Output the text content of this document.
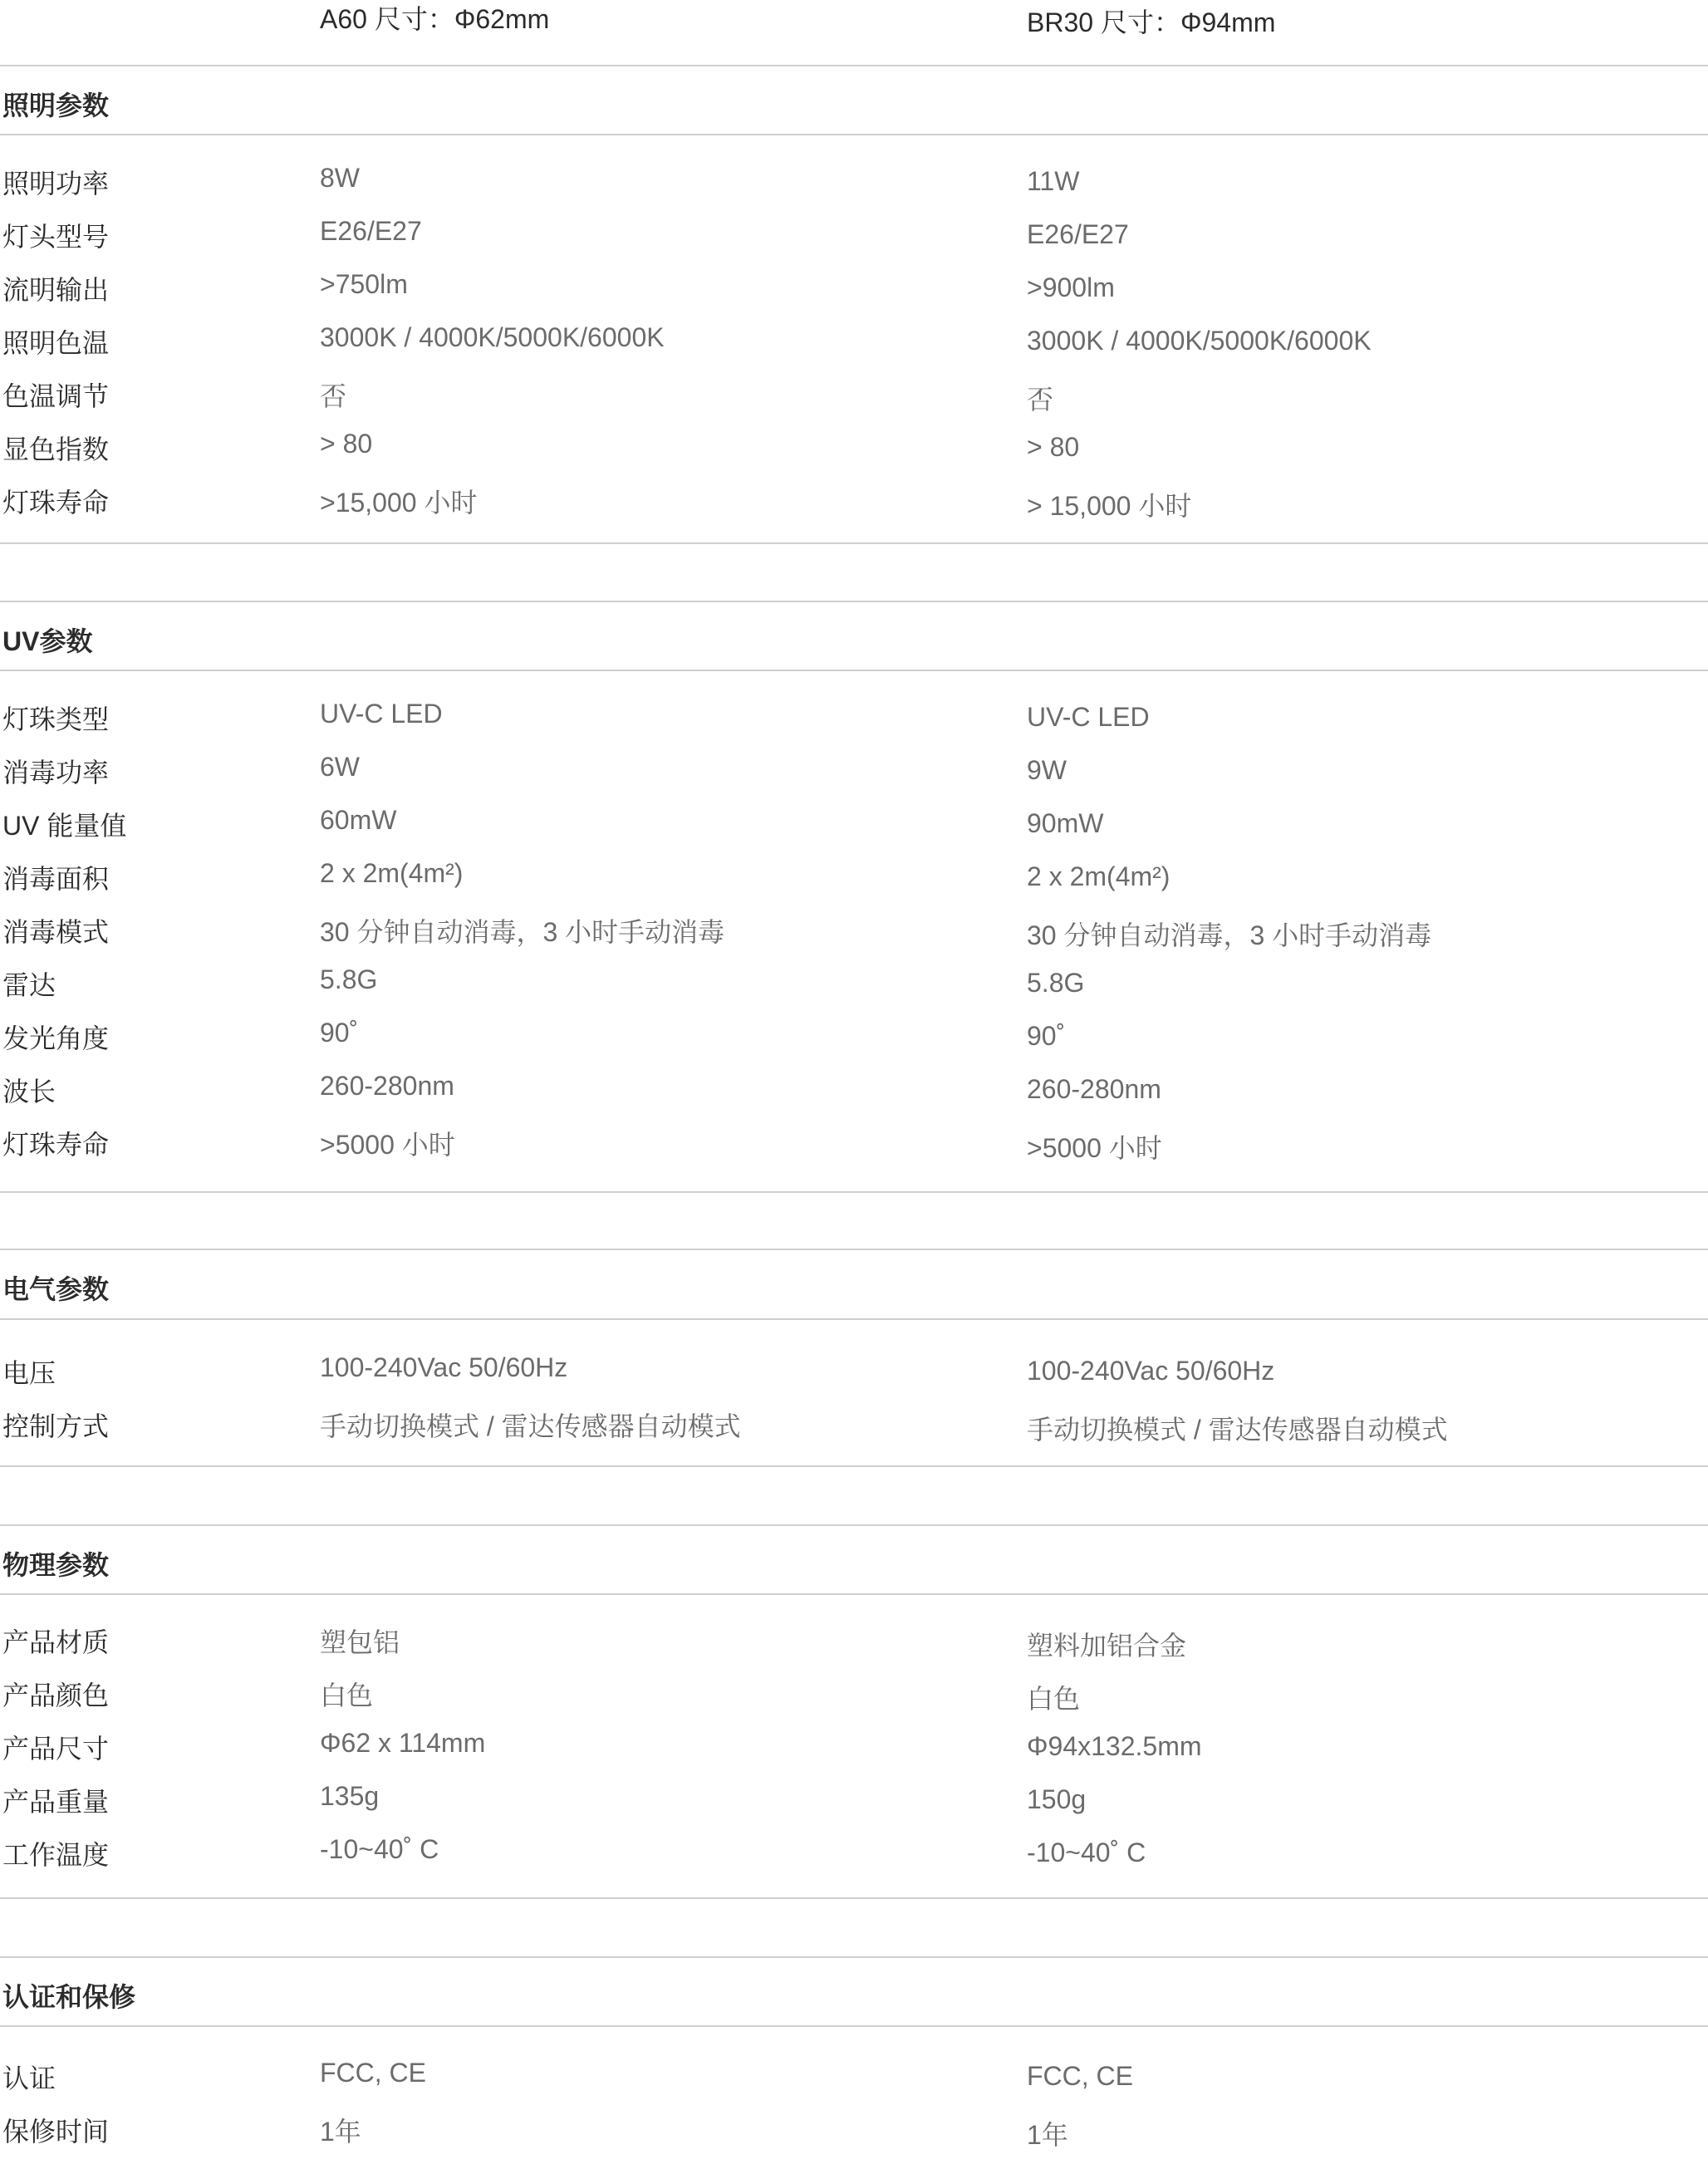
A60 尺寸：Φ62mm	BR30 尺寸：Φ94mm
照明参数
照明功率	8W	11W
灯头型号	E26/E27	E26/E27
流明输出	>750lm	>900lm
照明色温	3000K / 4000K/5000K/6000K	3000K / 4000K/5000K/6000K
色温调节	否	否
显色指数	> 80	> 80
灯珠寿命	>15,000 小时	> 15,000 小时
UV参数
灯珠类型	UV-C LED	UV-C LED
消毒功率	6W	9W
UV 能量值	60mW	90mW
消毒面积	2 x 2m(4m²)	2 x 2m(4m²)
消毒模式	30 分钟自动消毒，3 小时手动消毒	30 分钟自动消毒，3 小时手动消毒
雷达	5.8G	5.8G
发光角度	90˚	90˚
波长	260-280nm	260-280nm
灯珠寿命	>5000 小时	>5000 小时
电气参数
电压	100-240Vac 50/60Hz	100-240Vac 50/60Hz
控制方式	手动切换模式 / 雷达传感器自动模式	手动切换模式 / 雷达传感器自动模式
物理参数
产品材质	塑包铝	塑料加铝合金
产品颜色	白色	白色
产品尺寸	Φ62 x 114mm	Φ94x132.5mm
产品重量	135g	150g
工作温度	-10~40˚ C	-10~40˚ C
认证和保修
认证	FCC, CE	FCC, CE
保修时间	1年	1年
